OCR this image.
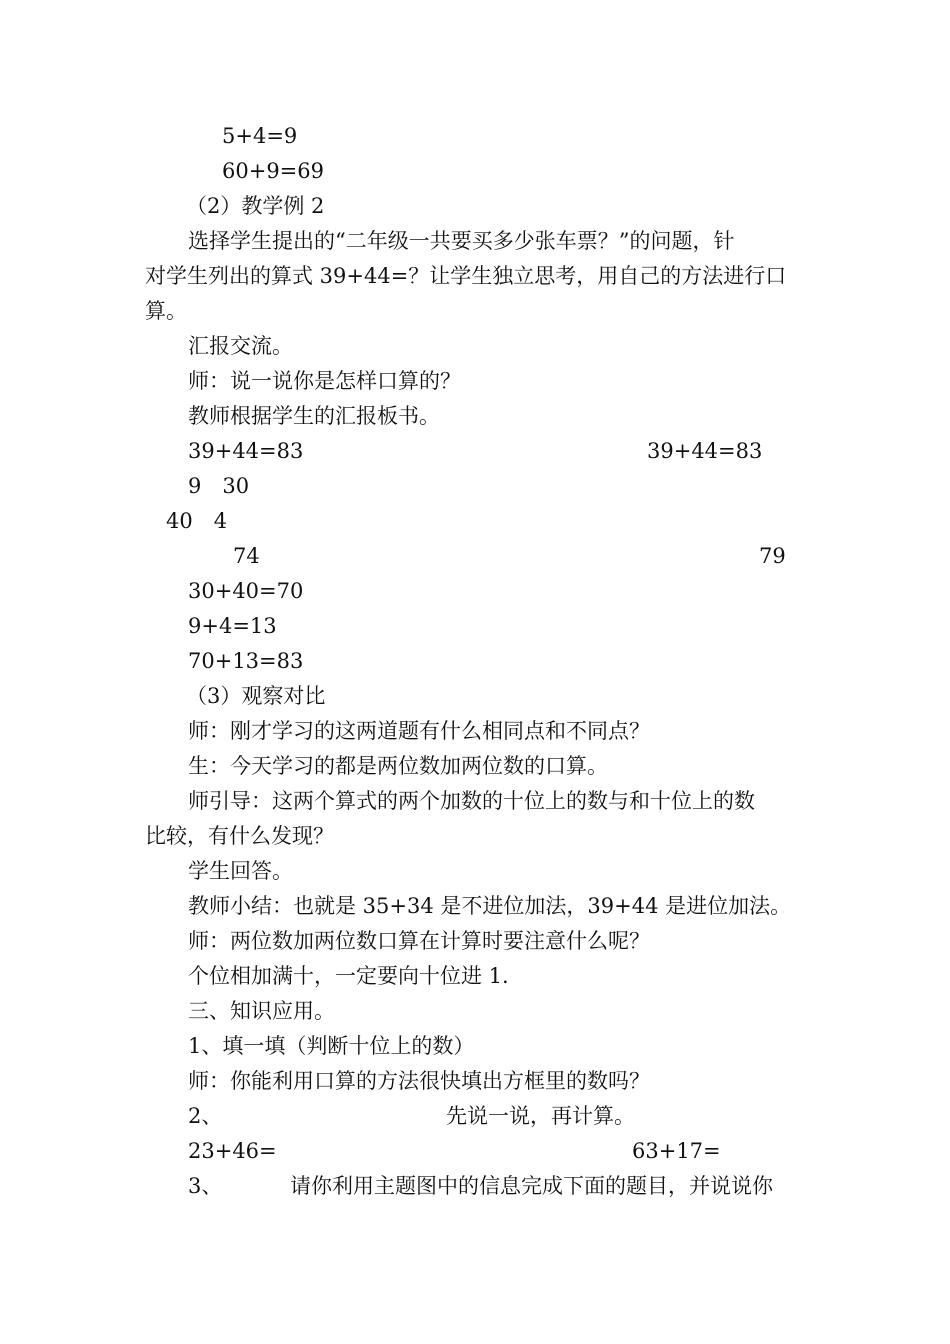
5+4=9
60+9=69
（2）教学例 2
选择学生提出的“二年级一共要买多少张车票？”的问题，针
对学生列出的算式 39+44=？让学生独立思考，用自己的方法进行口
算。
汇报交流。
师：说一说你是怎样口算的？
教师根据学生的汇报板书。
39+44=83	39+44=83
9　30
40　4
74	79
30+40=70
9+4=13
70+13=83
（3）观察对比
师：刚才学习的这两道题有什么相同点和不同点？
生：今天学习的都是两位数加两位数的口算。
师引导：这两个算式的两个加数的十位上的数与和十位上的数
比较，有什么发现？
学生回答。
教师小结：也就是 35+34 是不进位加法，39+44 是进位加法。
师：两位数加两位数口算在计算时要注意什么呢？
个位相加满十，一定要向十位进 1.
三、知识应用。
1、填一填（判断十位上的数）
师：你能利用口算的方法很快填出方框里的数吗？
2、	先说一说，再计算。
23+46=	63+17=
3、	请你利用主题图中的信息完成下面的题目，并说说你
